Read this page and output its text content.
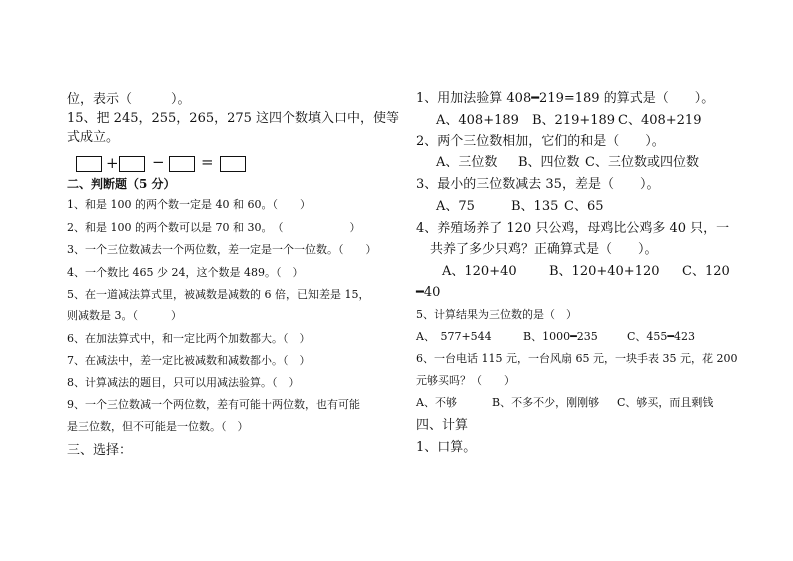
位，表示（　　　）。
15、把 245，255，265，275 这四个数填入口中，使等
式成立。
+ − =
二、判断题（5 分）
1、和是 100 的两个数一定是 40 和 60。（　　）
2、和是 100 的两个数可以是 70 和 30。　（　　　　　　）
3、一个三位数减去一个两位数，差一定是一个一位数。（　　）
4、一个数比 465 少 24，这个数是 489。（　）
5、在一道减法算式里，被减数是减数的 6 倍，已知差是 15，
则减数是 3。（　　　）
6、在加法算式中，和一定比两个加数都大。（　）
7、在减法中，差一定比被减数和减数都小。（　）
8、计算减法的题目，只可以用减法验算。（　）
9、一个三位数减一个两位数，差有可能十两位数，也有可能
是三位数，但不可能是一位数。（　）
三、选择：
1、用加法验算 408━219=189 的算式是（　　）。
A、408+189 B、219+189 C、408+219
2、两个三位数相加，它们的和是（　　）。
A、三位数 B、四位数 C、三位数或四位数
3、最小的三位数减去 35，差是（　　）。
A、75	B、135 C、65
4、养殖场养了 120 只公鸡，母鸡比公鸡多 40 只，一
共养了多少只鸡？正确算式是（　　）。
A、120+40 B、120+40+120 C、120
━40
5、计算结果为三位数的是（　）
A、　577+544	B、1000━235	C、455━423
6、一台电话 115 元，一台风扇 65 元，一块手表 35 元，花 200
元够买吗？（　　）
A、不够	B、不多不少，刚刚够 C、够买，而且剩钱
四、计算
1、口算。
